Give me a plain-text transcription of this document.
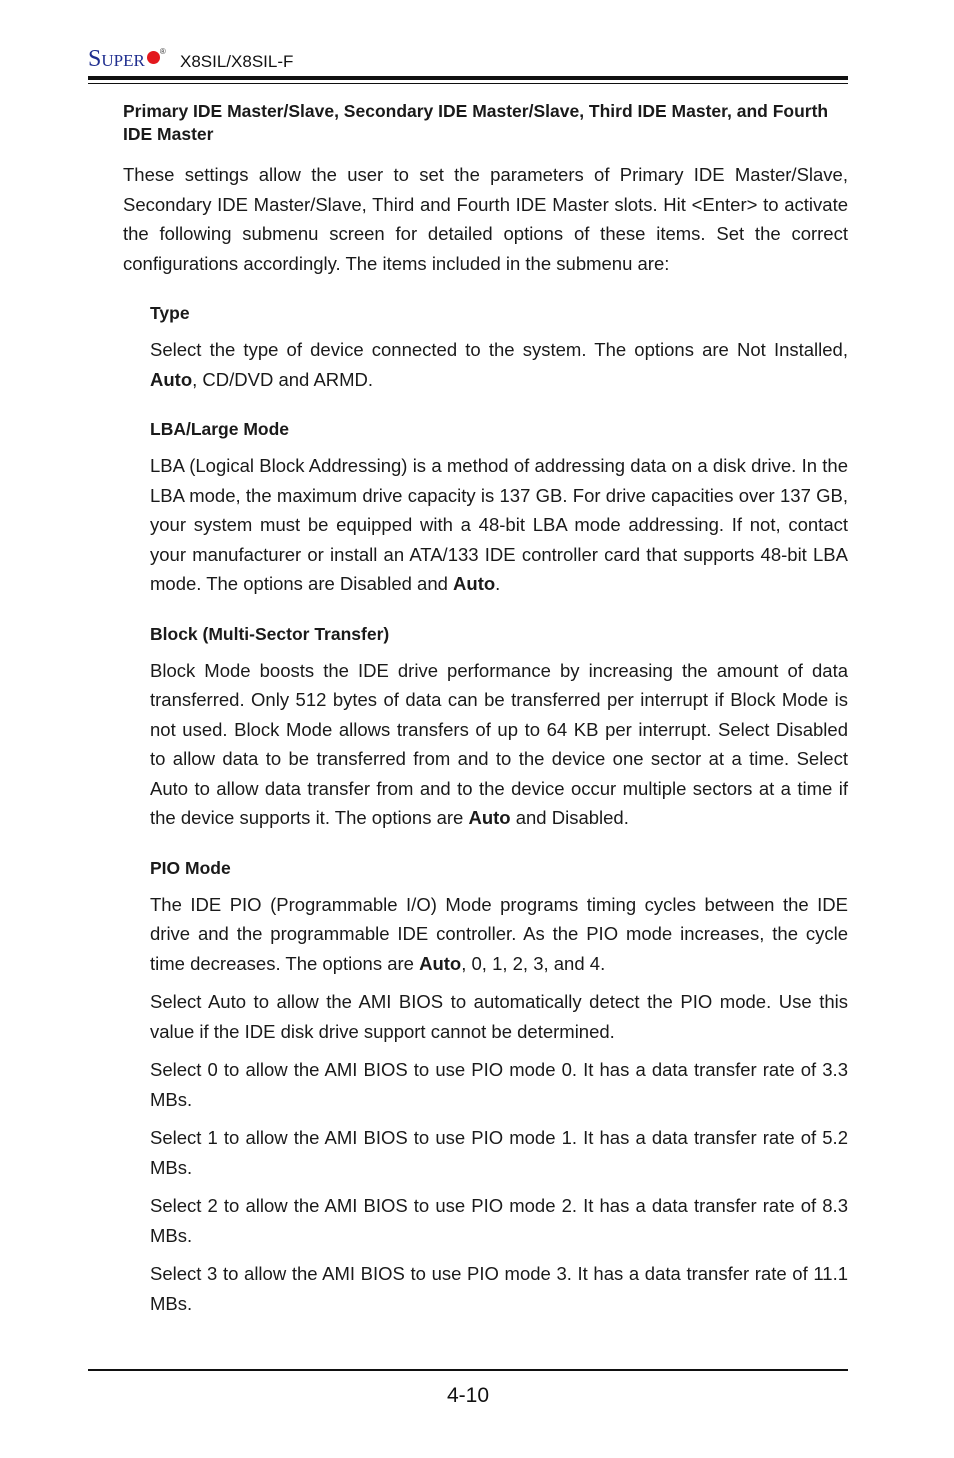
SUPER ®
X8SIL/X8SIL-F
Primary IDE Master/Slave, Secondary IDE Master/Slave, Third IDE Master, and Fourth IDE Master

These settings allow the user to set the parameters of Primary IDE Master/Slave, Secondary IDE Master/Slave, Third and Fourth IDE Master slots. Hit <Enter> to activate the following submenu screen for detailed options of these items. Set the correct configurations accordingly. The items included in the submenu are:

Type

Select the type of device connected to the system. The options are Not Installed, Auto, CD/DVD and ARMD.

LBA/Large Mode

LBA (Logical Block Addressing) is a method of addressing data on a disk drive. In the LBA mode, the maximum drive capacity is 137 GB. For drive capacities over 137 GB, your system must be equipped with a 48-bit LBA mode addressing. If not, contact your manufacturer or install an ATA/133 IDE controller card that supports 48-bit LBA mode. The options are Disabled and Auto.

Block (Multi-Sector Transfer)

Block Mode boosts the IDE drive performance by increasing the amount of data transferred. Only 512 bytes of data can be transferred per interrupt if Block Mode is not used. Block Mode allows transfers of up to 64 KB per interrupt. Select Disabled to allow data to be transferred from and to the device one sector at a time. Select Auto to allow data transfer from and to the device occur multiple sectors at a time if the device supports it. The options are Auto and Disabled.

PIO Mode

The IDE PIO (Programmable I/O) Mode programs timing cycles between the IDE drive and the programmable IDE controller. As the PIO mode increases, the cycle time decreases. The options are Auto, 0, 1, 2, 3, and 4.

Select Auto to allow the AMI BIOS to automatically detect the PIO mode. Use this value if the IDE disk drive support cannot be determined.

Select 0 to allow the AMI BIOS to use PIO mode 0. It has a data transfer rate of 3.3 MBs.

Select 1 to allow the AMI BIOS to use PIO mode 1. It has a data transfer rate of 5.2 MBs.

Select 2 to allow the AMI BIOS to use PIO mode 2. It has a data transfer rate of 8.3 MBs.

Select 3 to allow the AMI BIOS to use PIO mode 3. It has a data transfer rate of 11.1 MBs.

4-10
